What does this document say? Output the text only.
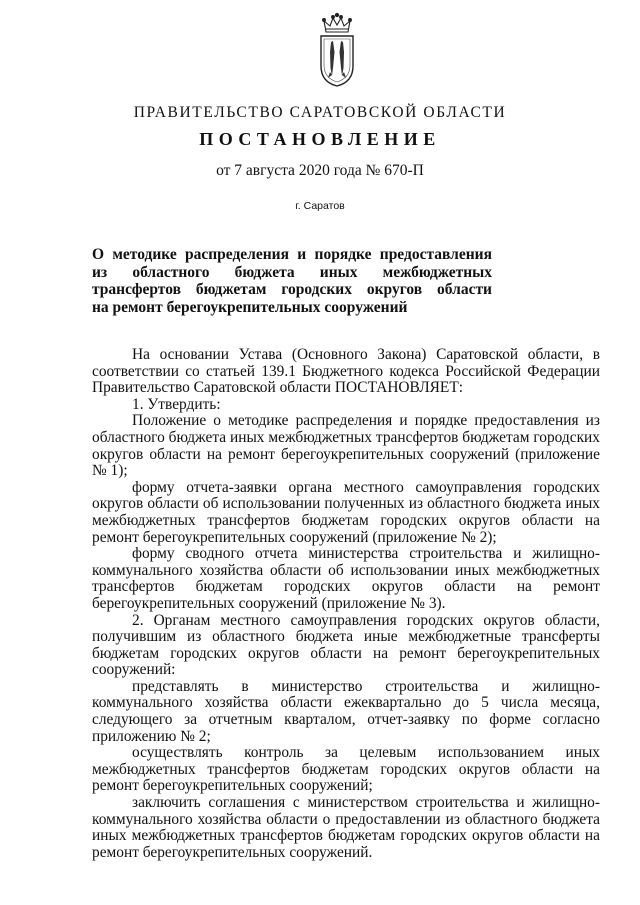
ПРАВИТЕЛЬСТВО САРАТОВСКОЙ ОБЛАСТИ
ПОСТАНОВЛЕНИЕ
от 7 августа 2020 года № 670-П
г. Саратов
О методике распределения и порядке предоставления
из областного бюджета иных межбюджетных
трансфертов бюджетам городских округов области
на ремонт берегоукрепительных сооружений

На основании Устава (Основного Закона) Саратовской области, в соответствии со статьей 139.1 Бюджетного кодекса Российской Федерации Правительство Саратовской области ПОСТАНОВЛЯЕТ:

1. Утвердить:

Положение о методике распределения и порядке предоставления из областного бюджета иных межбюджетных трансфертов бюджетам городских округов области на ремонт берегоукрепительных сооружений (приложение № 1);

форму отчета-заявки органа местного самоуправления городских округов области об использовании полученных из областного бюджета иных межбюджетных трансфертов бюджетам городских округов области на ремонт берегоукрепительных сооружений (приложение № 2);

форму сводного отчета министерства строительства и жилищно-коммунального хозяйства области об использовании иных межбюджетных трансфертов бюджетам городских округов области на ремонт берегоукрепительных сооружений (приложение № 3).

2. Органам местного самоуправления городских округов области, получившим из областного бюджета иные межбюджетные трансферты бюджетам городских округов области на ремонт берегоукрепительных сооружений:

представлять в министерство строительства и жилищно-коммунального хозяйства области ежеквартально до 5 числа месяца, следующего за отчетным кварталом, отчет-заявку по форме согласно приложению № 2;

осуществлять контроль за целевым использованием иных межбюджетных трансфертов бюджетам городских округов области на ремонт берегоукрепительных сооружений;

заключить соглашения с министерством строительства и жилищно-коммунального хозяйства области о предоставлении из областного бюджета иных межбюджетных трансфертов бюджетам городских округов области на ремонт берегоукрепительных сооружений.
